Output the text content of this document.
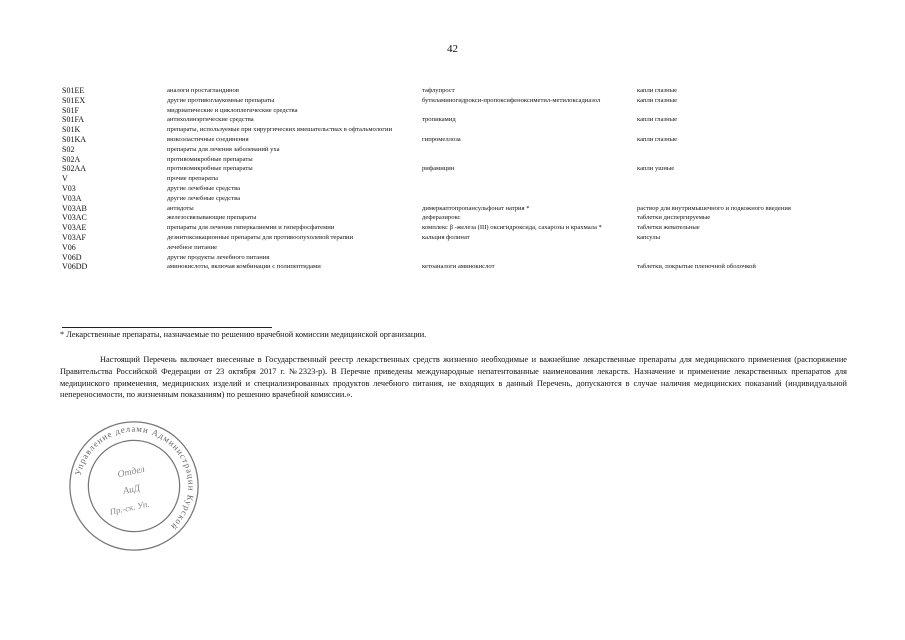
42
S01EE	аналоги простагландинов	тафлупрост	капли глазные
S01EX	другие противоглаукомные препараты	бутиламиногидрокси-пропоксифеноксиметил-метилоксадиазол	капли глазные
S01F	мидриатические и циклоплегические средства		
S01FA	антихолинэргические средства	тропикамид	капли глазные
S01K	препараты, используемые при хирургических вмешательствах в офтальмологии		
S01KA	вязкоэластичные соединения	гипромеллоза	капли глазные
S02	препараты для лечения заболеваний уха		
S02A	противомикробные препараты		
S02AA	противомикробные препараты	рифамицин	капли ушные
V	прочие препараты		
V03	другие лечебные средства		
V03A	другие лечебные средства		
V03AB	антидоты	димеркаптопропансульфонат натрия *	раствор для внутримышечного и подкожного введения
V03AC	железосвязывающие препараты	деферазирокс	таблетки диспергируемые
V03AE	препараты для лечения гиперкалиемии и гиперфосфатемии	комплекс β -железа (III) оксигидроксида, сахарозы и крахмала *	таблетки жевательные
V03AF	дезинтоксикационные препараты для противоопухолевой терапии	кальция фолинат	капсулы
V06	лечебное питание		
V06D	другие продукты лечебного питания		
V06DD	аминокислоты, включая комбинации с полипептидами	кетоаналоги аминокислот	таблетки, покрытые пленочной оболочкой
* Лекарственные препараты, назначаемые по решению врачебной комиссии медицинской организации.

Настоящий Перечень включает внесенные в Государственный реестр лекарственных средств жизненно необходимые и важнейшие лекарственные препараты для медицинского применения (распоряжение Правительства Российской Федерации от 23 октября 2017 г. №2323-р). В Перечне приведены международные непатентованные наименования лекарств. Назначение и применение лекарственных препаратов для медицинского применения, медицинских изделий и специализированных продуктов лечебного питания, не входящих в данный Перечень, допускаются в случае наличия медицинских показаний (индивидуальной непереносимости, по жизненным показаниям) по решению врачебной комиссии.».

Управление делами Администрации Курской
Отдел
АиД
Пр.-ск. Уп.
